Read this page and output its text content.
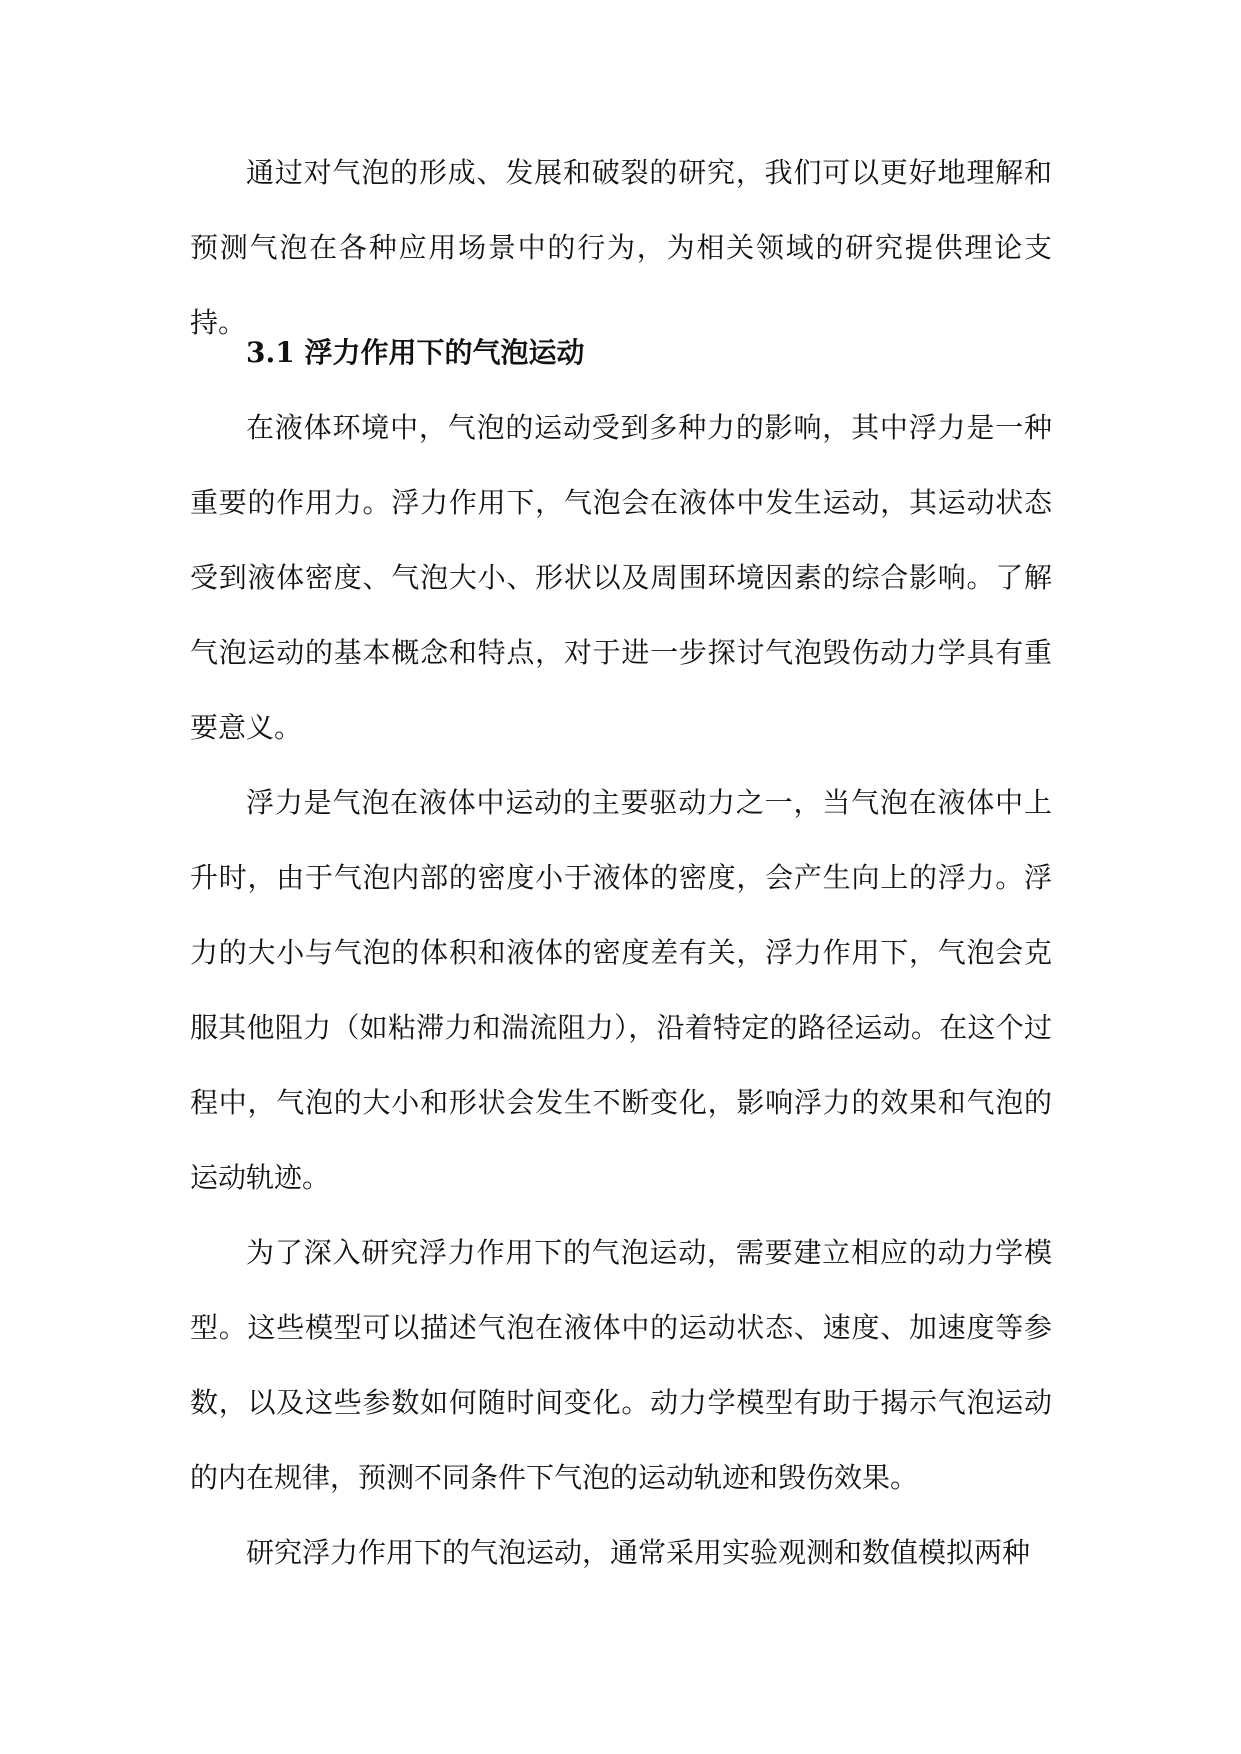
通过对气泡的形成、发展和破裂的研究，我们可以更好地理解和预测气泡在各种应用场景中的行为，为相关领域的研究提供理论支持。

3.1 浮力作用下的气泡运动

在液体环境中，气泡的运动受到多种力的影响，其中浮力是一种重要的作用力。浮力作用下，气泡会在液体中发生运动，其运动状态受到液体密度、气泡大小、形状以及周围环境因素的综合影响。了解气泡运动的基本概念和特点，对于进一步探讨气泡毁伤动力学具有重要意义。

浮力是气泡在液体中运动的主要驱动力之一，当气泡在液体中上升时，由于气泡内部的密度小于液体的密度，会产生向上的浮力。浮力的大小与气泡的体积和液体的密度差有关，浮力作用下，气泡会克服其他阻力（如粘滞力和湍流阻力），沿着特定的路径运动。在这个过程中，气泡的大小和形状会发生不断变化，影响浮力的效果和气泡的运动轨迹。

为了深入研究浮力作用下的气泡运动，需要建立相应的动力学模型。这些模型可以描述气泡在液体中的运动状态、速度、加速度等参数，以及这些参数如何随时间变化。动力学模型有助于揭示气泡运动的内在规律，预测不同条件下气泡的运动轨迹和毁伤效果。

研究浮力作用下的气泡运动，通常采用实验观测和数值模拟两种
